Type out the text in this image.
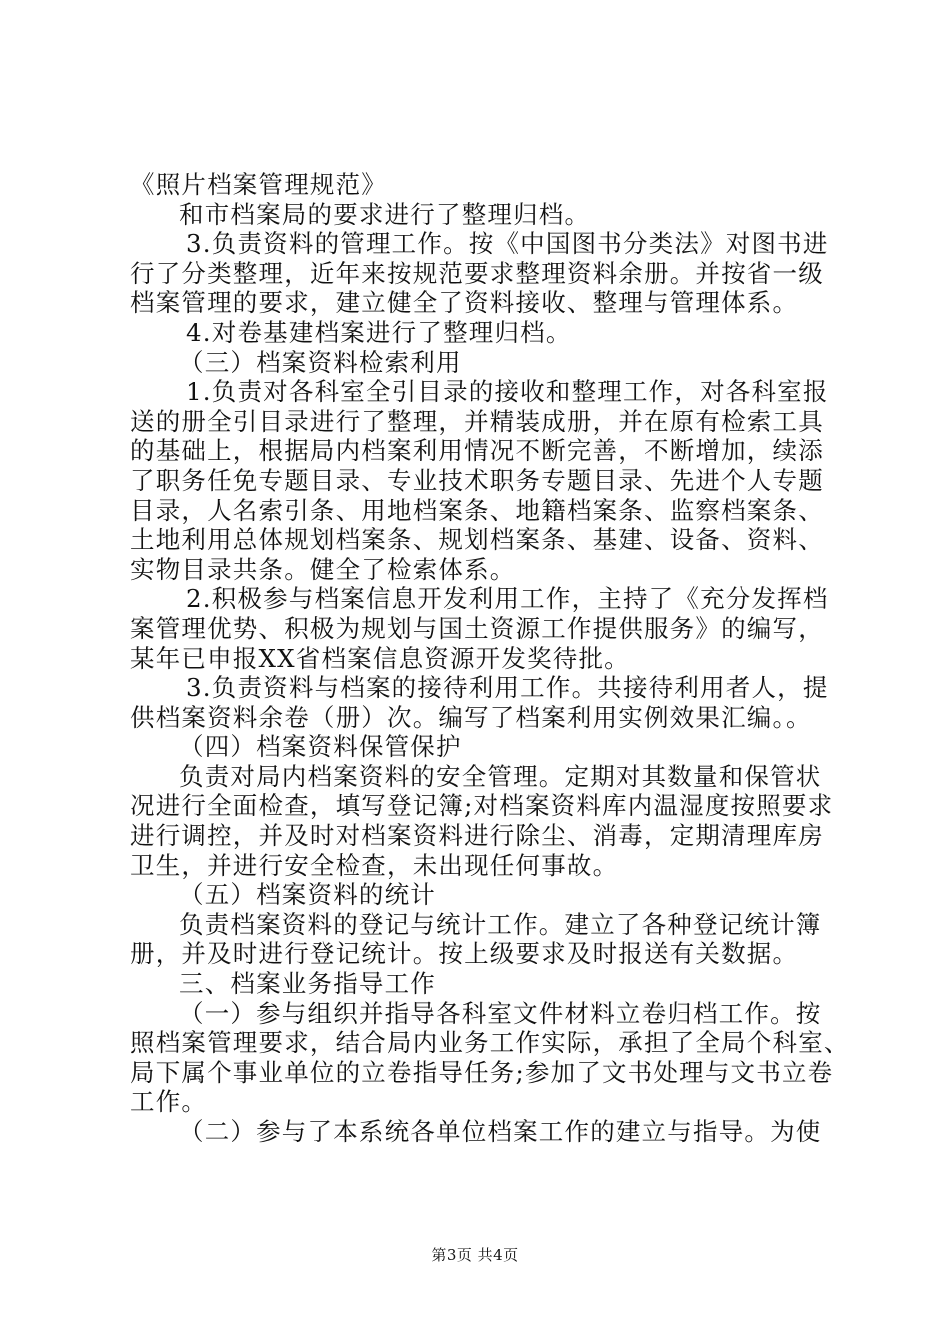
《照片档案管理规范》
和市档案局的要求进行了整理归档。
3.负责资料的管理工作。按《中国图书分类法》对图书进
行了分类整理，近年来按规范要求整理资料余册。并按省一级
档案管理的要求，建立健全了资料接收、整理与管理体系。
4.对卷基建档案进行了整理归档。
（三）档案资料检索利用
1.负责对各科室全引目录的接收和整理工作，对各科室报
送的册全引目录进行了整理，并精装成册，并在原有检索工具
的基础上，根据局内档案利用情况不断完善，不断增加，续添
了职务任免专题目录、专业技术职务专题目录、先进个人专题
目录，人名索引条、用地档案条、地籍档案条、监察档案条、
土地利用总体规划档案条、规划档案条、基建、设备、资料、
实物目录共条。健全了检索体系。
2.积极参与档案信息开发利用工作，主持了《充分发挥档
案管理优势、积极为规划与国土资源工作提供服务》的编写，
某年已申报XX省档案信息资源开发奖待批。
3.负责资料与档案的接待利用工作。共接待利用者人，提
供档案资料余卷（册）次。编写了档案利用实例效果汇编。。
（四）档案资料保管保护
负责对局内档案资料的安全管理。定期对其数量和保管状
况进行全面检查，填写登记簿;对档案资料库内温湿度按照要求
进行调控，并及时对档案资料进行除尘、消毒，定期清理库房
卫生，并进行安全检查，未出现任何事故。
（五）档案资料的统计
负责档案资料的登记与统计工作。建立了各种登记统计簿
册，并及时进行登记统计。按上级要求及时报送有关数据。
三、档案业务指导工作
（一）参与组织并指导各科室文件材料立卷归档工作。按
照档案管理要求，结合局内业务工作实际，承担了全局个科室、
局下属个事业单位的立卷指导任务;参加了文书处理与文书立卷
工作。
（二）参与了本系统各单位档案工作的建立与指导。为使
第3页 共4页
